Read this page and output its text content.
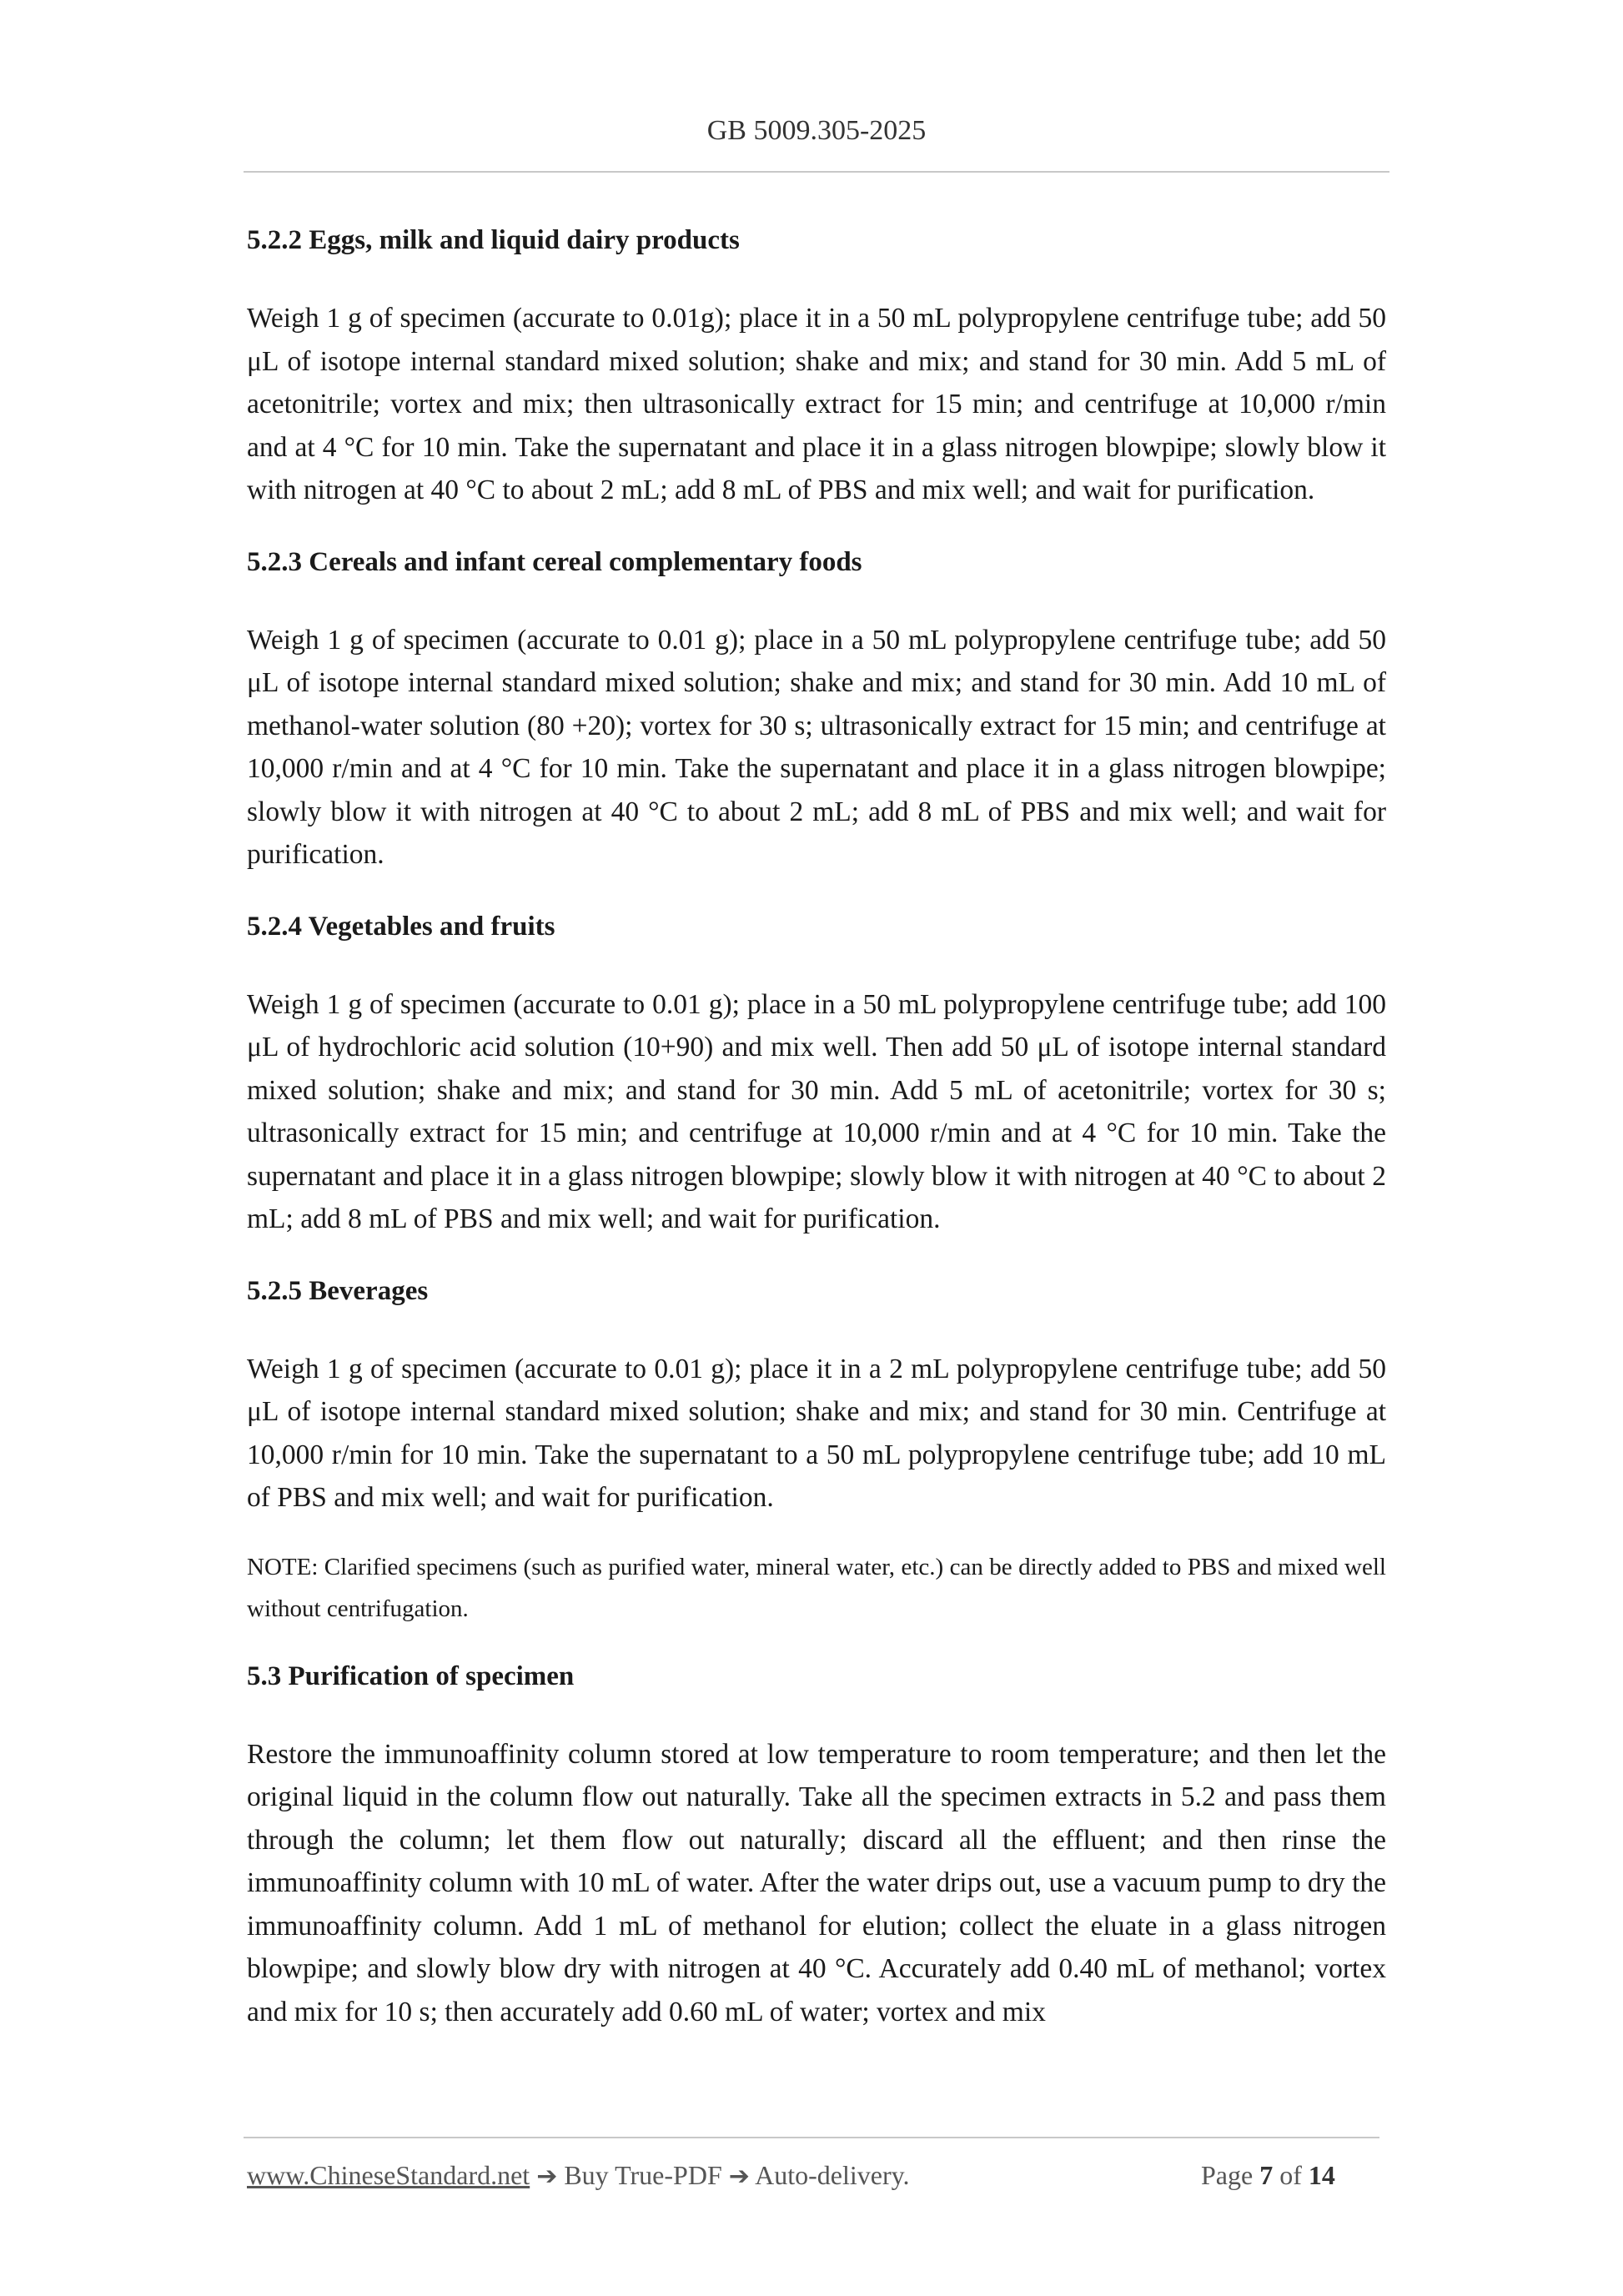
GB 5009.305-2025
5.2.2 Eggs, milk and liquid dairy products

Weigh 1 g of specimen (accurate to 0.01g); place it in a 50 mL polypropylene centrifuge tube; add 50 μL of isotope internal standard mixed solution; shake and mix; and stand for 30 min. Add 5 mL of acetonitrile; vortex and mix; then ultrasonically extract for 15 min; and centrifuge at 10,000 r/min and at 4 °C for 10 min. Take the supernatant and place it in a glass nitrogen blowpipe; slowly blow it with nitrogen at 40 °C to about 2 mL; add 8 mL of PBS and mix well; and wait for purification.

5.2.3 Cereals and infant cereal complementary foods

Weigh 1 g of specimen (accurate to 0.01 g); place in a 50 mL polypropylene centrifuge tube; add 50 μL of isotope internal standard mixed solution; shake and mix; and stand for 30 min. Add 10 mL of methanol-water solution (80 +20); vortex for 30 s; ultrasonically extract for 15 min; and centrifuge at 10,000 r/min and at 4 °C for 10 min. Take the supernatant and place it in a glass nitrogen blowpipe; slowly blow it with nitrogen at 40 °C to about 2 mL; add 8 mL of PBS and mix well; and wait for purification.

5.2.4 Vegetables and fruits

Weigh 1 g of specimen (accurate to 0.01 g); place in a 50 mL polypropylene centrifuge tube; add 100 μL of hydrochloric acid solution (10+90) and mix well. Then add 50 μL of isotope internal standard mixed solution; shake and mix; and stand for 30 min. Add 5 mL of acetonitrile; vortex for 30 s; ultrasonically extract for 15 min; and centrifuge at 10,000 r/min and at 4 °C for 10 min. Take the supernatant and place it in a glass nitrogen blowpipe; slowly blow it with nitrogen at 40 °C to about 2 mL; add 8 mL of PBS and mix well; and wait for purification.

5.2.5 Beverages

Weigh 1 g of specimen (accurate to 0.01 g); place it in a 2 mL polypropylene centrifuge tube; add 50 μL of isotope internal standard mixed solution; shake and mix; and stand for 30 min. Centrifuge at 10,000 r/min for 10 min. Take the supernatant to a 50 mL polypropylene centrifuge tube; add 10 mL of PBS and mix well; and wait for purification.

NOTE: Clarified specimens (such as purified water, mineral water, etc.) can be directly added to PBS and mixed well without centrifugation.

5.3 Purification of specimen

Restore the immunoaffinity column stored at low temperature to room temperature; and then let the original liquid in the column flow out naturally. Take all the specimen extracts in 5.2 and pass them through the column; let them flow out naturally; discard all the effluent; and then rinse the immunoaffinity column with 10 mL of water. After the water drips out, use a vacuum pump to dry the immunoaffinity column. Add 1 mL of methanol for elution; collect the eluate in a glass nitrogen blowpipe; and slowly blow dry with nitrogen at 40 °C. Accurately add 0.40 mL of methanol; vortex and mix for 10 s; then accurately add 0.60 mL of water; vortex and mix

www.ChineseStandard.net ➔ Buy True-PDF ➔ Auto-delivery.	Page 7 of 14
